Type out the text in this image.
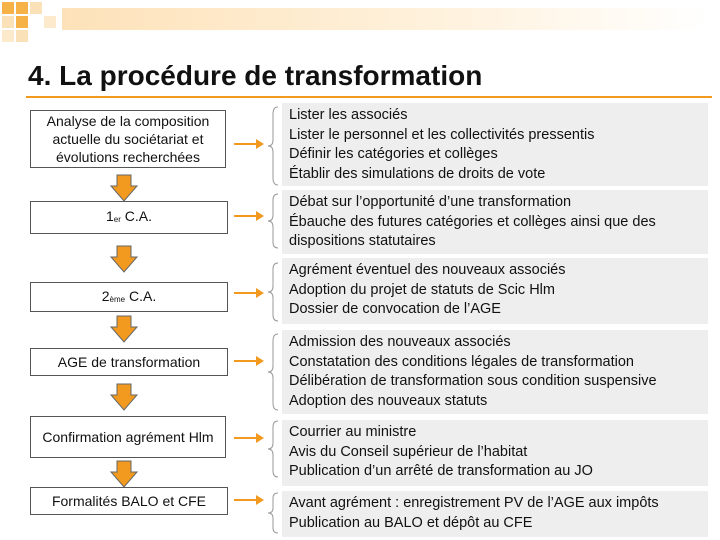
4. La procédure de transformation
Analyse de la composition actuelle du sociétariat et évolutions recherchées
$1_{er}$ C.A.
$2_{ème}$ C.A.
AGE de transformation
Confirmation agrément Hlm
Formalités BALO et CFE
Lister les associés
Lister le personnel et les collectivités pressentis
Définir les catégories et collèges
Établir des simulations de droits de vote
Débat sur l’opportunité d’une transformation
Ébauche des futures catégories et collèges ainsi que des
dispositions statutaires
Agrément éventuel des nouveaux associés
Adoption du projet de statuts de Scic Hlm
Dossier de convocation de l’AGE
Admission des nouveaux associés
Constatation des conditions légales de transformation
Délibération de transformation sous condition suspensive
Adoption des nouveaux statuts
Courrier au ministre
Avis du Conseil supérieur de l’habitat
Publication d’un arrêté de transformation au JO
Avant agrément : enregistrement PV de l’AGE aux impôts
Publication au BALO et dépôt au CFE
